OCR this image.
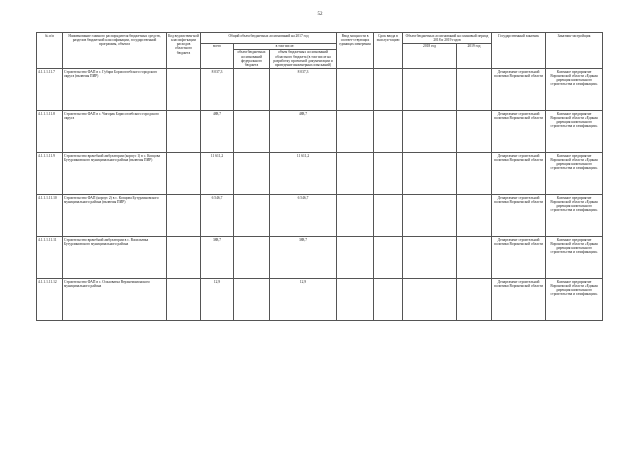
52
№ п/п	Наименование главного распорядителя бюджетных средств, разделов бюджетной классификации, государственной программы, объекта	Код ведомствен-ной классифи-кации расходов областного бюджета	Общий объем бюджетных ассигнований на 2017 год			Ввод мощности в соответ-ствующих единицах измерения	Срок ввода в эксплуа-тацию	Объем бюджетных ассигнований на плановый период 2018 и 2019 годов		Государственный заказчик	Заказчик-застройщик
			всего	в том числе:				2018 год	2019 год		
				объем бюджетных ассигнований федерального бюджета	объем бюджетных ассигнований областного бюджета (в том числе на разработку проектной документации и проведение инженерных изысканий)						
4.1.1.1.11.7	Строительство ФАП в с. Губари Борисоглебского городского округа (включая ПИР)		8 037,3		8 037,3					Департамент строительной политики Воронежской области	Казенное предприятие Воронежской области «Единая дирекция капитального строительства и газификации»
4.1.1.1.11.8	Строительство ФАП в с. Чигорак Борисоглебского городского округа		488,7		488,7					Департамент строительной политики Воронежской области	Казенное предприятие Воронежской области «Единая дирекция капитального строительства и газификации»
4.1.1.1.11.9	Строительство врачебной амбулатории (корпус 1) в с. Копцова Бутурлиновского муниципального района (включая ПИР)		11 611,2		11 611,2					Департамент строительной политики Воронежской области	Казенное предприятие Воронежской области «Единая дирекция капитального строительства и газификации»
4.1.1.1.11.10	Строительство ФАП (корпус 2) в с. Копцова Бутурлиновского муниципального района (включая ПИР)		6 546,7		6 546,7					Департамент строительной политики Воронежской области	Казенное предприятие Воронежской области «Единая дирекция капитального строительства и газификации»
4.1.1.1.11.11	Строительство врачебной амбулатории в с. Васильевка Бутурлиновского муниципального района		388,7		388,7					Департамент строительной политики Воронежской области	Казенное предприятие Воронежской области «Единая дирекция капитального строительства и газификации»
4.1.1.1.11.12	Строительство ФАП в с. Ольховатка Верхнемамонского муниципального района		12,9		12,9					Департамент строительной политики Воронежской области	Казенное предприятие Воронежской области «Единая дирекция капитального строительства и газификации»
